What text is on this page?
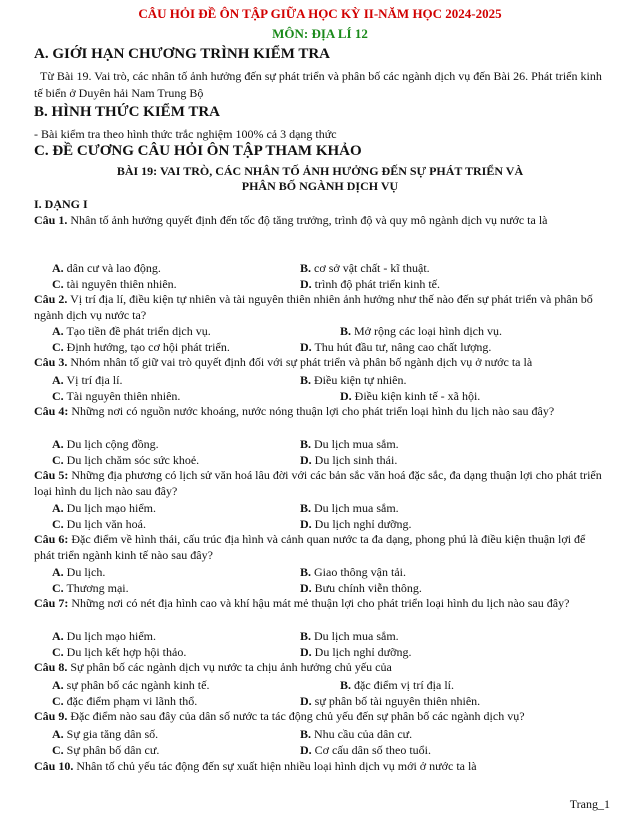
CÂU HỎI ĐỀ ÔN TẬP GIỮA HỌC KỲ II-NĂM HỌC 2024-2025
MÔN: ĐỊA LÍ 12
A. GIỚI HẠN CHƯƠNG TRÌNH KIỂM TRA
Từ Bài 19. Vai trò, các nhân tố ảnh hưởng đến sự phát triển và phân bố các ngành dịch vụ đến Bài 26. Phát triển kinh tế biển ở Duyên hải Nam Trung Bộ
B. HÌNH THỨC KIỂM TRA
- Bài kiểm tra theo hình thức trắc nghiệm 100% cả 3 dạng thức
C. ĐỀ CƯƠNG CÂU HỎI ÔN TẬP THAM KHẢO
BÀI 19: VAI TRÒ, CÁC NHÂN TỐ ẢNH HƯỞNG ĐẾN SỰ PHÁT TRIỂN VÀ
PHÂN BỐ NGÀNH DỊCH VỤ
I. DẠNG I
Câu 1. Nhân tố ảnh hưởng quyết định đến tốc độ tăng trưởng, trình độ và quy mô ngành dịch vụ nước ta là
A. dân cư và lao động.	B. cơ sở vật chất - kĩ thuật.
C. tài nguyên thiên nhiên.	D. trình độ phát triển kinh tế.
Câu 2. Vị trí địa lí, điều kiện tự nhiên và tài nguyên thiên nhiên ảnh hưởng như thế nào đến sự phát triển và phân bố ngành dịch vụ nước ta?
A. Tạo tiền đề phát triển dịch vụ.	B. Mở rộng các loại hình dịch vụ.
C. Định hướng, tạo cơ hội phát triển.	D. Thu hút đầu tư, nâng cao chất lượng.
Câu 3. Nhóm nhân tố giữ vai trò quyết định đối với sự phát triển và phân bố ngành dịch vụ ở nước ta là
A. Vị trí địa lí.	B. Điều kiện tự nhiên.
C. Tài nguyên thiên nhiên.	D. Điều kiện kinh tế - xã hội.
Câu 4: Những nơi có nguồn nước khoáng, nước nóng thuận lợi cho phát triển loại hình du lịch nào sau đây?
A. Du lịch cộng đồng.	B. Du lịch mua sắm.
C. Du lịch chăm sóc sức khoẻ.	D. Du lịch sinh thái.
Câu 5: Những địa phương có lịch sử văn hoá lâu đời với các bản sắc văn hoá đặc sắc, đa dạng thuận lợi cho phát triển loại hình du lịch nào sau đây?
A. Du lịch mạo hiểm.	B. Du lịch mua sắm.
C. Du lịch văn hoá.	D. Du lịch nghỉ dưỡng.
Câu 6: Đặc điểm về hình thái, cấu trúc địa hình và cảnh quan nước ta đa dạng, phong phú là điều kiện thuận lợi để phát triển ngành kinh tế nào sau đây?
A. Du lịch.	B. Giao thông vận tải.
C. Thương mại.	D. Bưu chính viễn thông.
Câu 7: Những nơi có nét địa hình cao và khí hậu mát mẻ thuận lợi cho phát triển loại hình du lịch nào sau đây?
A. Du lịch mạo hiểm.	B. Du lịch mua sắm.
C. Du lịch kết hợp hội thảo.	D. Du lịch nghỉ dưỡng.
Câu 8. Sự phân bố các ngành dịch vụ nước ta chịu ảnh hưởng chủ yếu của
A. sự phân bố các ngành kinh tế.	B. đặc điểm vị trí địa lí.
C. đặc điểm phạm vi lãnh thổ.	D. sự phân bố tài nguyên thiên nhiên.
Câu 9. Đặc điểm nào sau đây của dân số nước ta tác động chủ yếu đến sự phân bố các ngành dịch vụ?
A. Sự gia tăng dân số.	B. Nhu cầu của dân cư.
C. Sự phân bố dân cư.	D. Cơ cấu dân số theo tuổi.
Câu 10. Nhân tố chủ yếu tác động đến sự xuất hiện nhiều loại hình dịch vụ mới ở nước ta là
Trang_1
